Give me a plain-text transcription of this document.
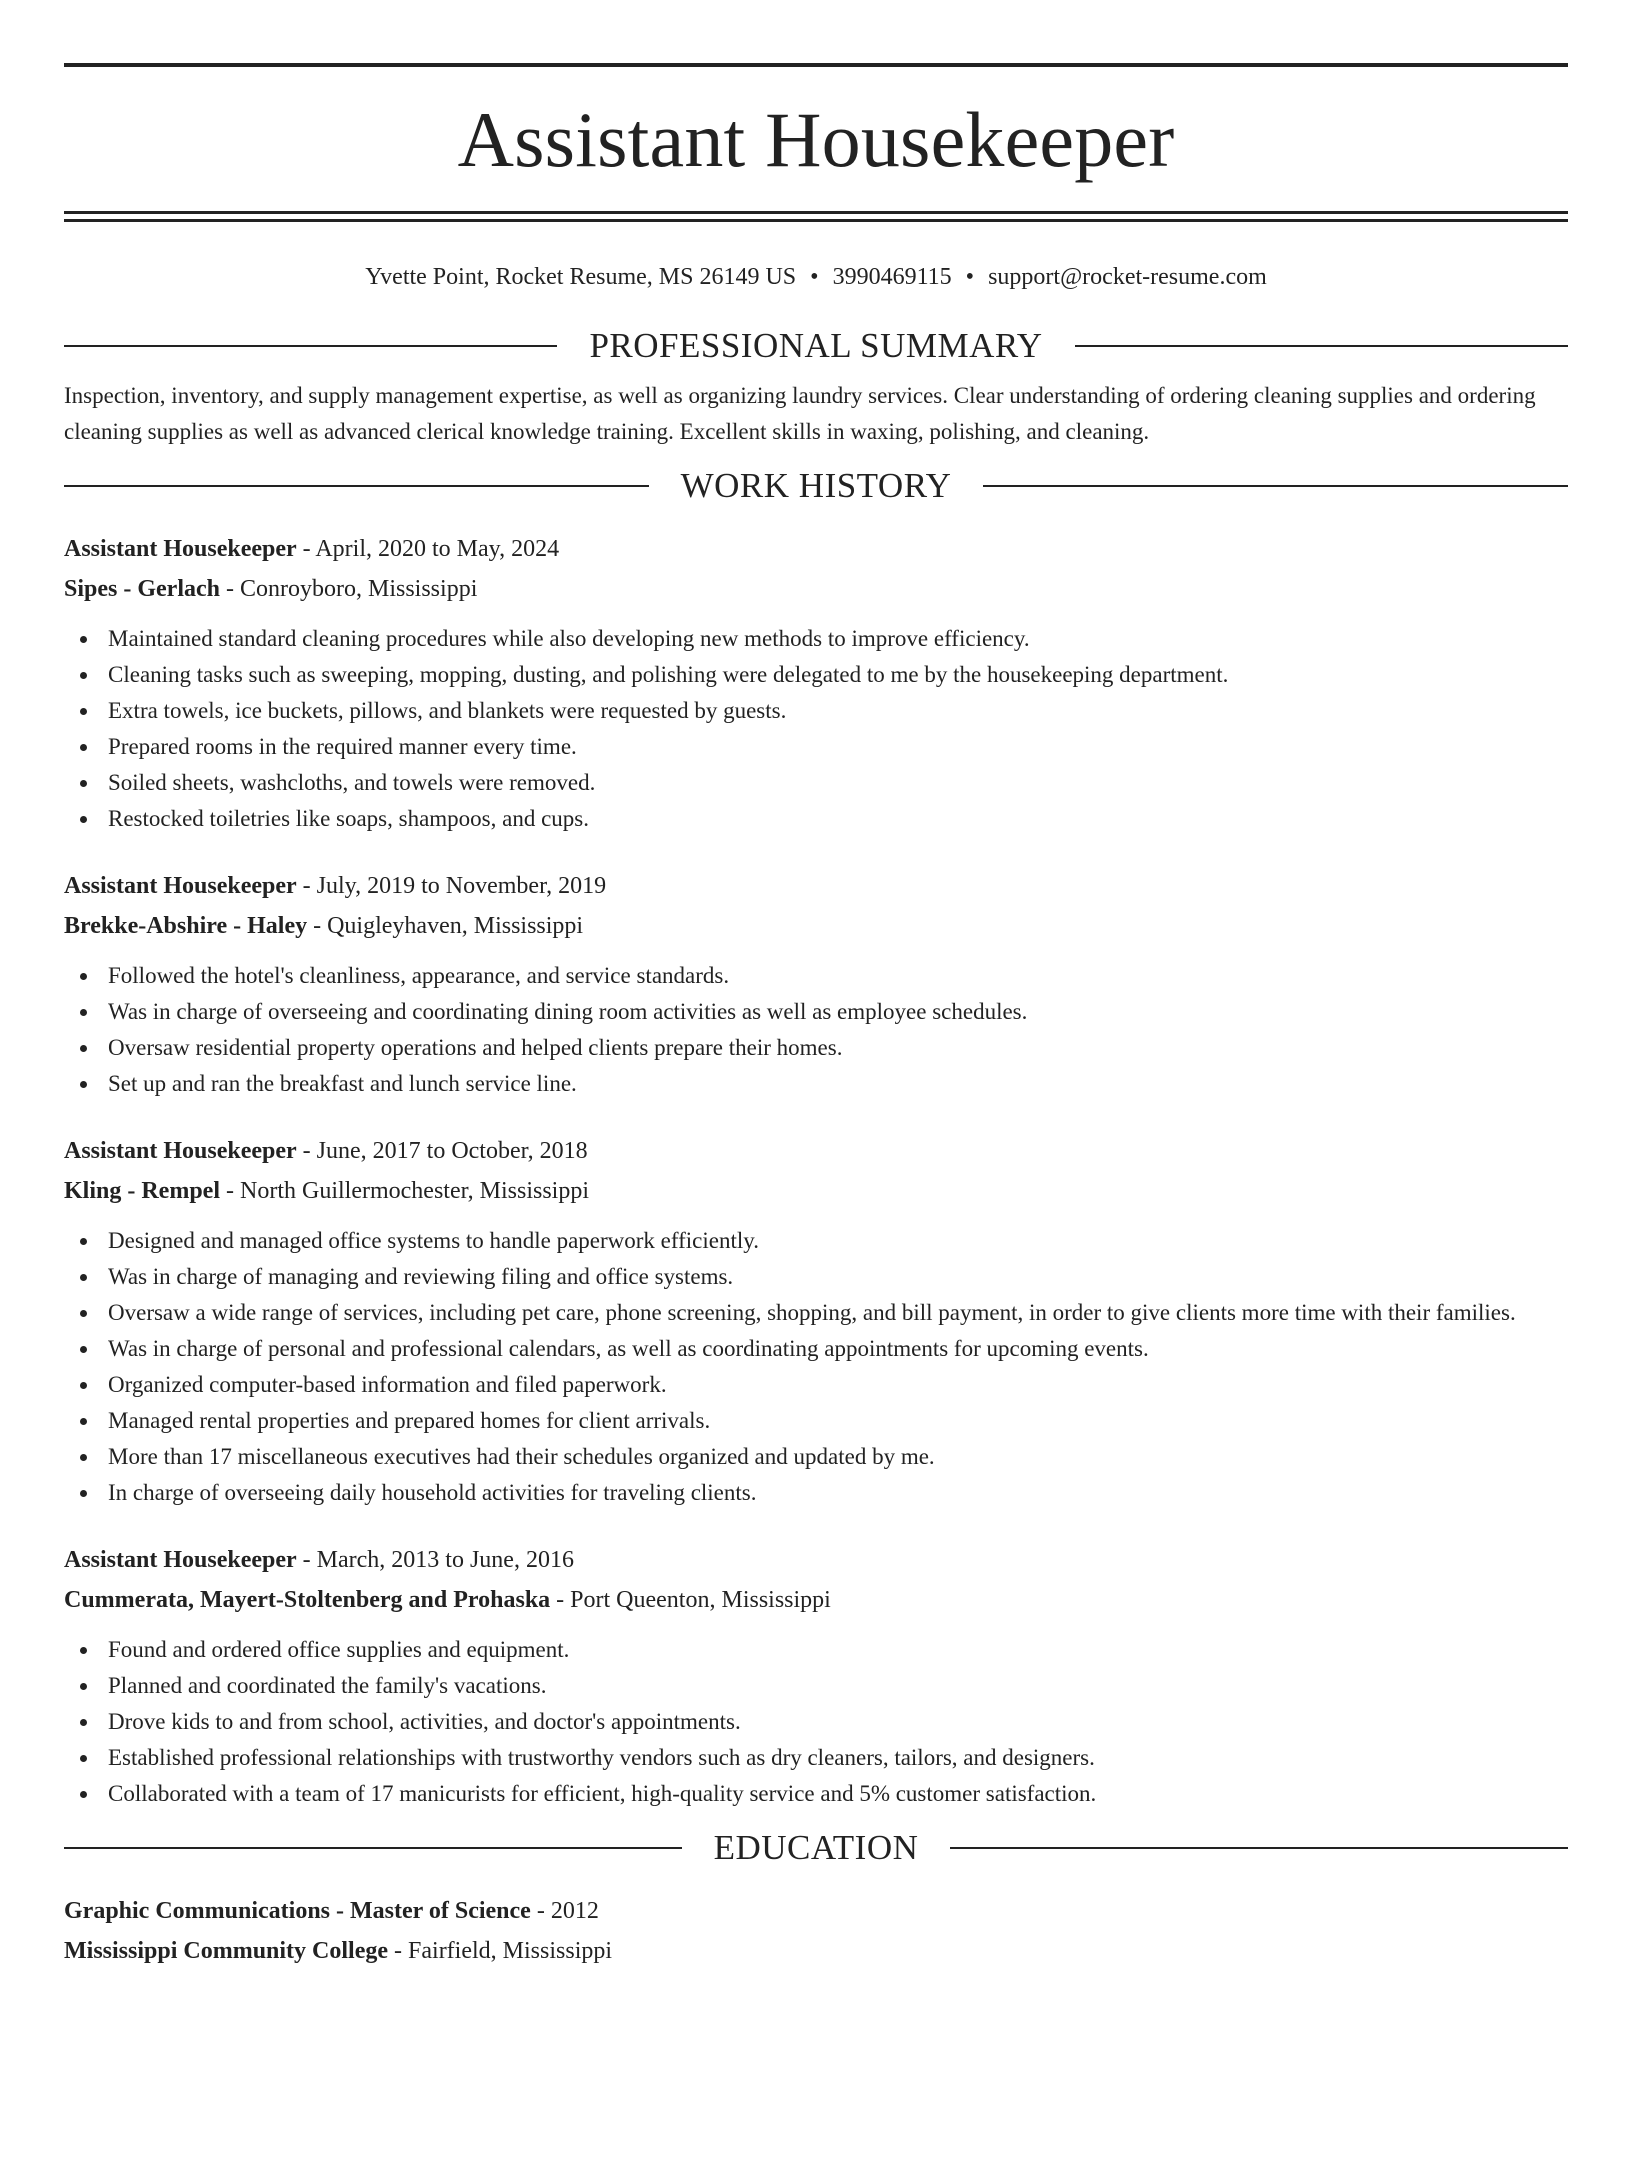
Assistant Housekeeper
Yvette Point, Rocket Resume, MS 26149 US • 3990469115 • support@rocket-resume.com
PROFESSIONAL SUMMARY

Inspection, inventory, and supply management expertise, as well as organizing laundry services. Clear understanding of ordering cleaning supplies and ordering cleaning supplies as well as advanced clerical knowledge training. Excellent skills in waxing, polishing, and cleaning.

WORK HISTORY
Assistant Housekeeper - April, 2020 to May, 2024
Sipes - Gerlach - Conroyboro, Mississippi
Maintained standard cleaning procedures while also developing new methods to improve efficiency.
Cleaning tasks such as sweeping, mopping, dusting, and polishing were delegated to me by the housekeeping department.
Extra towels, ice buckets, pillows, and blankets were requested by guests.
Prepared rooms in the required manner every time.
Soiled sheets, washcloths, and towels were removed.
Restocked toiletries like soaps, shampoos, and cups.
Assistant Housekeeper - July, 2019 to November, 2019
Brekke-Abshire - Haley - Quigleyhaven, Mississippi
Followed the hotel's cleanliness, appearance, and service standards.
Was in charge of overseeing and coordinating dining room activities as well as employee schedules.
Oversaw residential property operations and helped clients prepare their homes.
Set up and ran the breakfast and lunch service line.
Assistant Housekeeper - June, 2017 to October, 2018
Kling - Rempel - North Guillermochester, Mississippi
Designed and managed office systems to handle paperwork efficiently.
Was in charge of managing and reviewing filing and office systems.
Oversaw a wide range of services, including pet care, phone screening, shopping, and bill payment, in order to give clients more time with their families.
Was in charge of personal and professional calendars, as well as coordinating appointments for upcoming events.
Organized computer-based information and filed paperwork.
Managed rental properties and prepared homes for client arrivals.
More than 17 miscellaneous executives had their schedules organized and updated by me.
In charge of overseeing daily household activities for traveling clients.
Assistant Housekeeper - March, 2013 to June, 2016
Cummerata, Mayert-Stoltenberg and Prohaska - Port Queenton, Mississippi
Found and ordered office supplies and equipment.
Planned and coordinated the family's vacations.
Drove kids to and from school, activities, and doctor's appointments.
Established professional relationships with trustworthy vendors such as dry cleaners, tailors, and designers.
Collaborated with a team of 17 manicurists for efficient, high-quality service and 5% customer satisfaction.
EDUCATION
Graphic Communications - Master of Science - 2012
Mississippi Community College - Fairfield, Mississippi
